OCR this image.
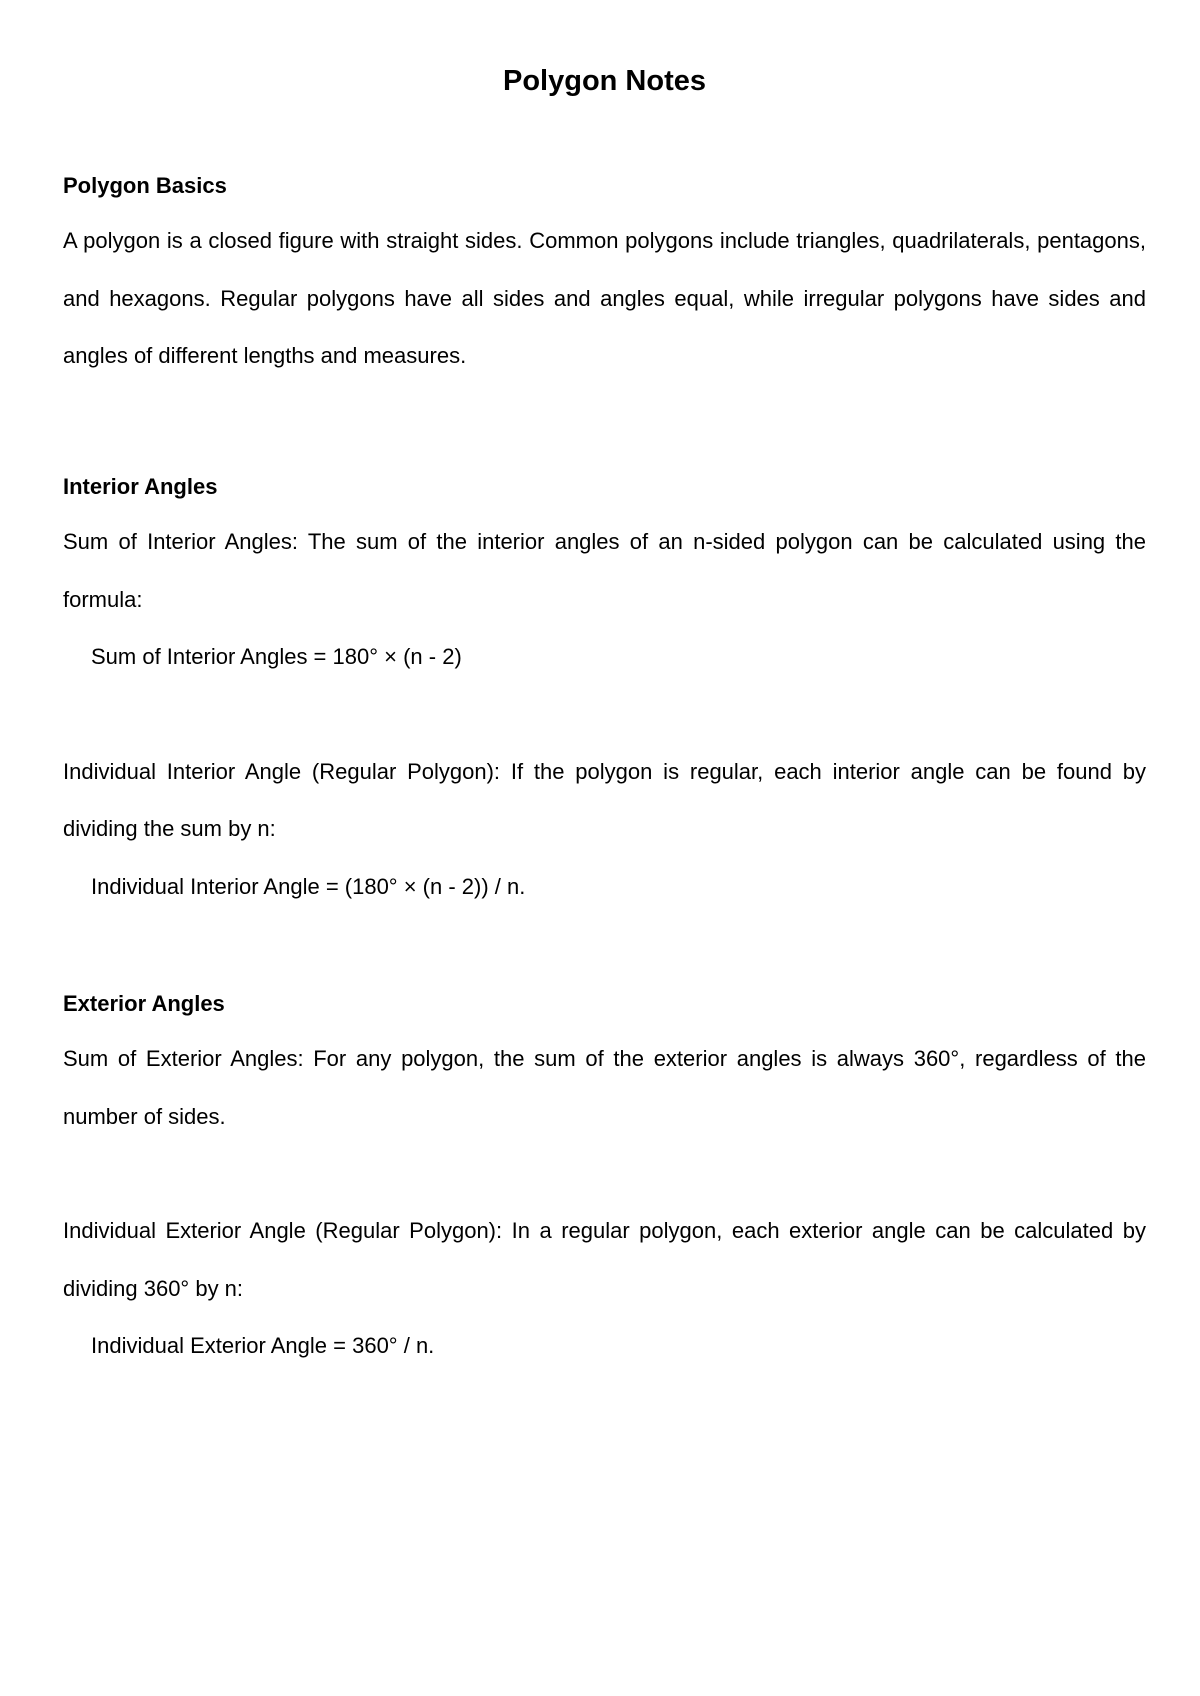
Polygon Notes
Polygon Basics

A polygon is a closed figure with straight sides. Common polygons include triangles, quadrilaterals, pentagons, and hexagons. Regular polygons have all sides and angles equal, while irregular polygons have sides and angles of different lengths and measures.

Interior Angles

Sum of Interior Angles: The sum of the interior angles of an n-sided polygon can be calculated using the formula:

Sum of Interior Angles = 180° × (n - 2)

Individual Interior Angle (Regular Polygon): If the polygon is regular, each interior angle can be found by dividing the sum by n:

Individual Interior Angle = (180° × (n - 2)) / n.

Exterior Angles

Sum of Exterior Angles: For any polygon, the sum of the exterior angles is always 360°, regardless of the number of sides.

Individual Exterior Angle (Regular Polygon): In a regular polygon, each exterior angle can be calculated by dividing 360° by n:

Individual Exterior Angle = 360° / n.
